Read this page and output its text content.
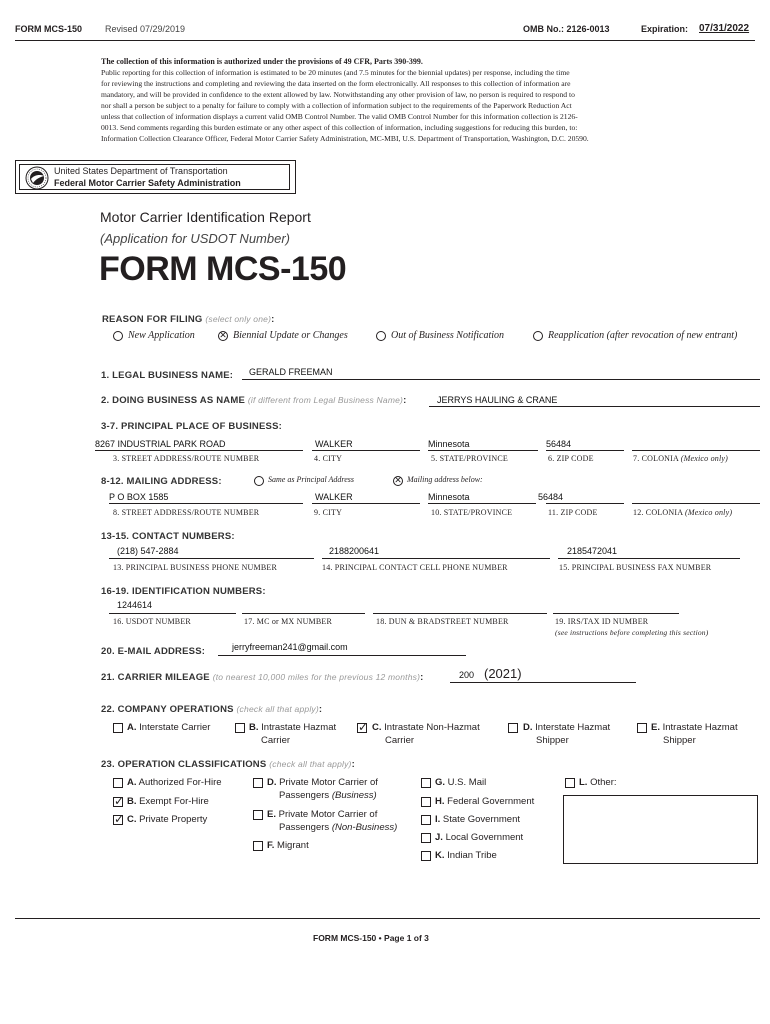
FORM MCS-150	Revised 07/29/2019	OMB No.: 2126-0013	Expiration: 07/31/2022
The collection of this information is authorized under the provisions of 49 CFR, Parts 390-399.
Public reporting for this collection of information is estimated to be 20 minutes (and 7.5 minutes for the biennial updates) per response, including the time
for reviewing the instructions and completing and reviewing the data inserted on the form electronically. All responses to this collection of information are
mandatory, and will be provided in confidence to the extent allowed by law. Notwithstanding any other provision of law, no person is required to respond to
nor shall a person be subject to a penalty for failure to comply with a collection of information subject to the requirements of the Paperwork Reduction Act
unless that collection of information displays a current valid OMB Control Number. The valid OMB Control Number for this information collection is 2126-
0013. Send comments regarding this burden estimate or any other aspect of this collection of information, including suggestions for reducing this burden, to:
Information Collection Clearance Officer, Federal Motor Carrier Safety Administration, MC-MBI, U.S. Department of Transportation, Washington, D.C. 20590.
United States Department of Transportation
Federal Motor Carrier Safety Administration
Motor Carrier Identification Report
(Application for USDOT Number)
FORM MCS-150
REASON FOR FILING (select only one):
New Application	✕ Biennial Update or Changes	Out of Business Notification	Reapplication (after revocation of new entrant)
1. LEGAL BUSINESS NAME: GERALD FREEMAN
2. DOING BUSINESS AS NAME (if different from Legal Business Name):	JERRYS HAULING & CRANE
3-7. PRINCIPAL PLACE OF BUSINESS:
8267 INDUSTRIAL PARK ROAD	WALKER	Minnesota	56484
3. STREET ADDRESS/ROUTE NUMBER	4. CITY	5. STATE/PROVINCE	6. ZIP CODE	7. COLONIA (Mexico only)
8-12. MAILING ADDRESS:	Same as Principal Address	✕ Mailing address below:
P O BOX 1585	WALKER	Minnesota	56484
8. STREET ADDRESS/ROUTE NUMBER	9. CITY	10. STATE/PROVINCE	11. ZIP CODE	12. COLONIA (Mexico only)
13-15. CONTACT NUMBERS:
(218) 547-2884	2188200641	2185472041
13. PRINCIPAL BUSINESS PHONE NUMBER	14. PRINCIPAL CONTACT CELL PHONE NUMBER	15. PRINCIPAL BUSINESS FAX NUMBER
16-19. IDENTIFICATION NUMBERS:
1244614
16. USDOT NUMBER	17. MC or MX NUMBER	18. DUN & BRADSTREET NUMBER	19. IRS/TAX ID NUMBER
(see instructions before completing this section)
20. E-MAIL ADDRESS:	jerryfreeman241@gmail.com
21. CARRIER MILEAGE (to nearest 10,000 miles for the previous 12 months):	200 (2021)
22. COMPANY OPERATIONS (check all that apply):
A. Interstate Carrier	B. Intrastate Hazmat
Carrier
✓ C. Intrastate Non-Hazmat
Carrier
D. Interstate Hazmat
Shipper
E. Intrastate Hazmat
Shipper
23. OPERATION CLASSIFICATIONS (check all that apply):
A. Authorized For-Hire
✓ B. Exempt For-Hire
✓ C. Private Property
D. Private Motor Carrier of
Passengers (Business)
E. Private Motor Carrier of
Passengers (Non-Business)
F. Migrant
G. U.S. Mail
H. Federal Government
I. State Government
J. Local Government
K. Indian Tribe
L. Other:
FORM MCS-150 • Page 1 of 3
